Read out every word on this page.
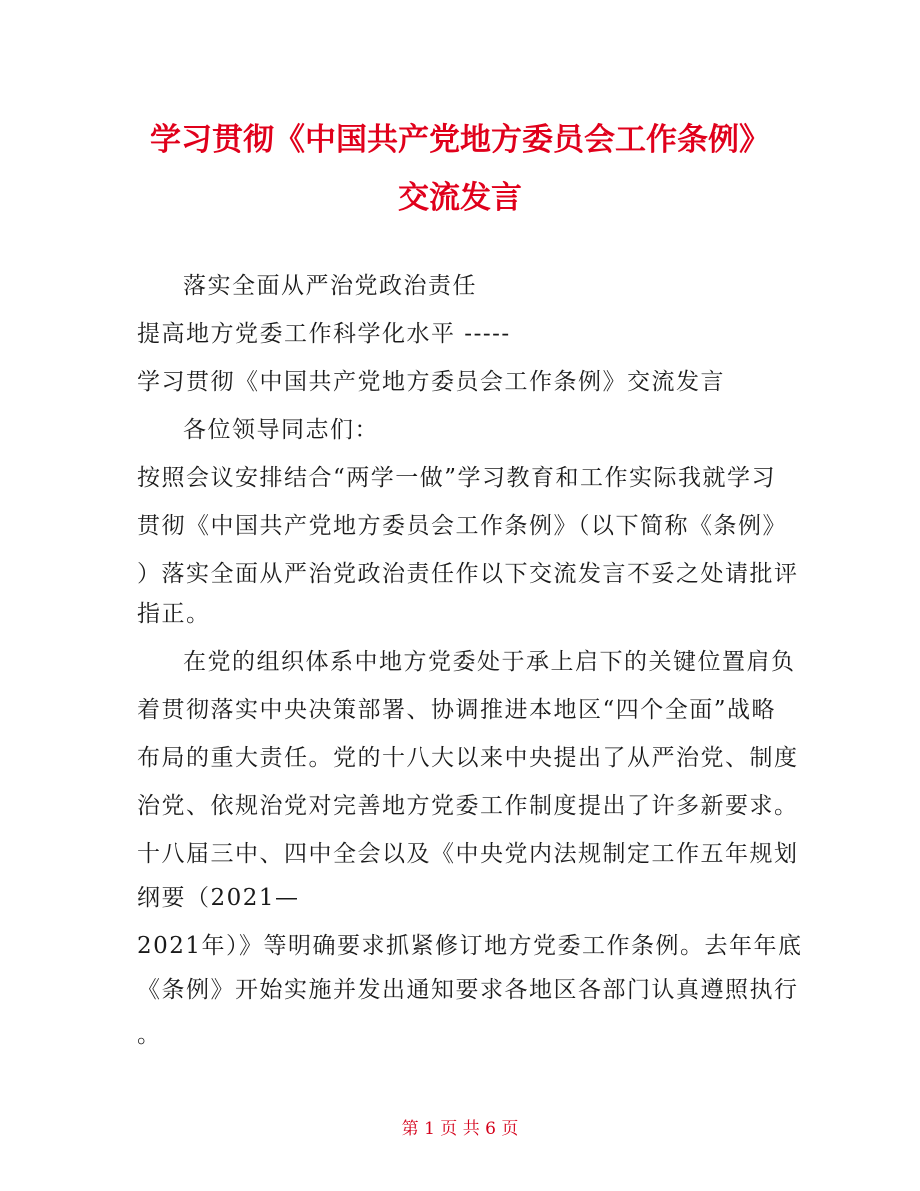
学习贯彻《中国共产党地方委员会工作条例》
交流发言
落实全面从严治党政治责任
提高地方党委工作科学化水平 -----
学习贯彻《中国共产党地方委员会工作条例》交流发言
各位领导同志们：
按照会议安排结合“两学一做”学习教育和工作实际我就学习
贯彻《中国共产党地方委员会工作条例》（以下简称《条例》
）落实全面从严治党政治责任作以下交流发言不妥之处请批评
指正。
在党的组织体系中地方党委处于承上启下的关键位置肩负
着贯彻落实中央决策部署、协调推进本地区“四个全面”战略
布局的重大责任。党的十八大以来中央提出了从严治党、制度
治党、依规治党对完善地方党委工作制度提出了许多新要求。
十八届三中、四中全会以及《中央党内法规制定工作五年规划
纲要（2021—
2021年）》等明确要求抓紧修订地方党委工作条例。去年年底
《条例》开始实施并发出通知要求各地区各部门认真遵照执行
。
第 1 页 共 6 页
